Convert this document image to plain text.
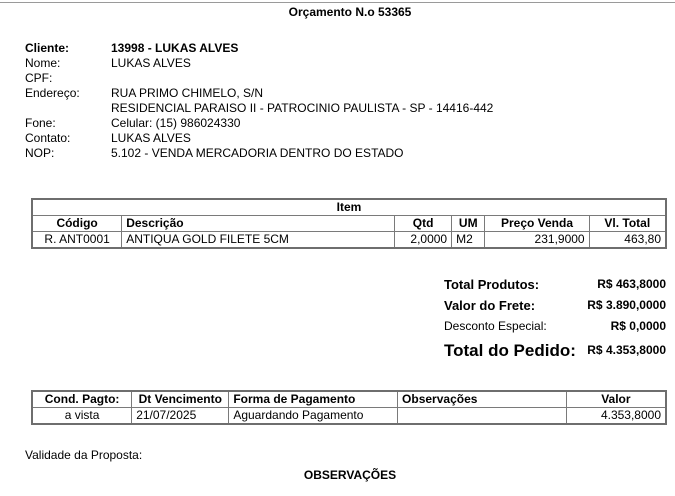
Orçamento N.o 53365
Cliente:	13998 - LUKAS ALVES
Nome:	LUKAS ALVES
CPF:
Endereço:	RUA PRIMO CHIMELO, S/N
RESIDENCIAL PARAISO II - PATROCINIO PAULISTA - SP - 14416-442
Fone:	Celular: (15) 986024330
Contato:	LUKAS ALVES
NOP:	5.102 - VENDA MERCADORIA DENTRO DO ESTADO
Item					
Código	Descrição	Qtd	UM	Preço Venda	Vl. Total
R. ANT0001	ANTIQUA GOLD FILETE 5CM	2,0000	M2	231,9000	463,80
Total Produtos:	R$ 463,8000
Valor do Frete:	R$ 3.890,0000
Desconto Especial:	R$ 0,0000
Total do Pedido: R$ 4.353,8000
Cond. Pagto:	Dt Vencimento	Forma de Pagamento	Observações	Valor
a vista	21/07/2025	Aguardando Pagamento		4.353,8000
Validade da Proposta:
OBSERVAÇÕES
